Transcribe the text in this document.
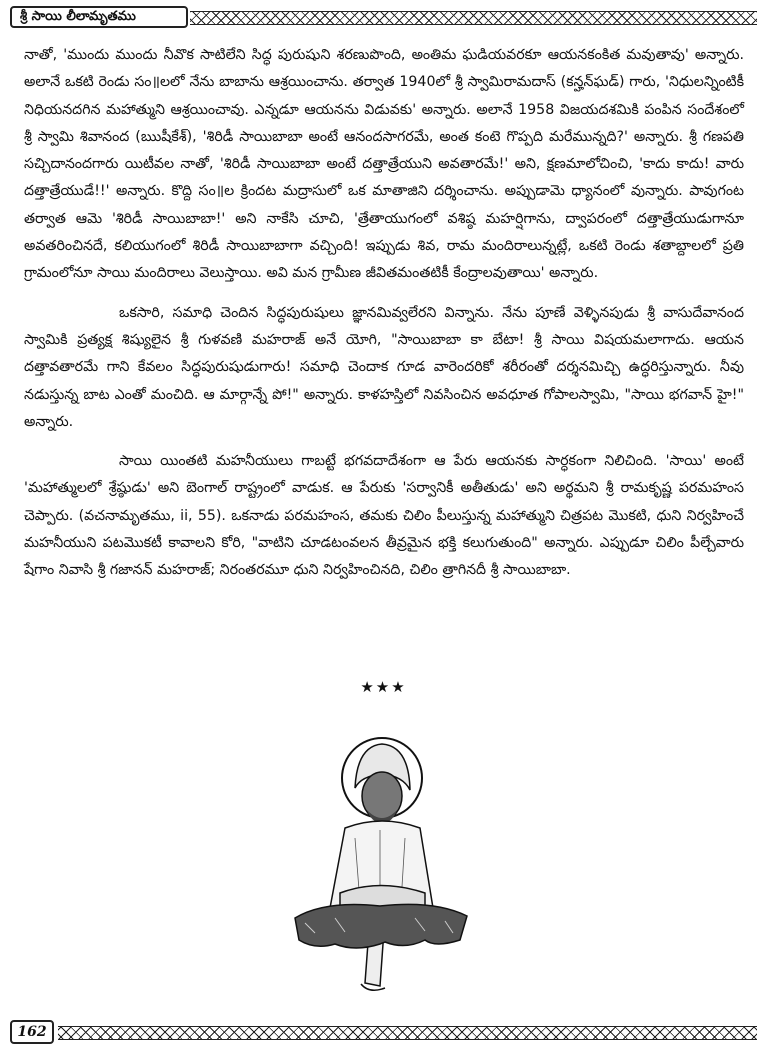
శ్రీ సాయి లీలామృతము

నాతో, 'ముందు ముందు నీవొక సాటిలేని సిద్ధ పురుషుని శరణుపొంది, అంతిమ ఘడియవరకూ ఆయనకంకిత మవుతావు' అన్నారు. అలానే ఒకటి రెండు సం॥లలో నేను బాబాను ఆశ్రయించాను. తర్వాత 1940లో శ్రీ స్వామిరామదాస్ (కన్హన్‌ఘడ్) గారు, 'నిధులన్నింటికీ నిధియనదగిన మహాత్ముని ఆశ్రయించావు. ఎన్నడూ ఆయనను విడువకు' అన్నారు. అలానే 1958 విజయదశమికి పంపిన సందేశంలో శ్రీ స్వామి శివానంద (ఋషీకేశ్), 'శిరిడీ సాయిబాబా అంటే ఆనందసాగరమే, అంత కంటె గొప్పది మరేమున్నది?' అన్నారు. శ్రీ గణపతి సచ్చిదానందగారు యిటీవల నాతో, 'శిరిడీ సాయిబాబా అంటే దత్తాత్రేయుని అవతారమే!' అని, క్షణమాలోచించి, 'కాదు కాదు! వారు దత్తాత్రేయుడే!!' అన్నారు. కొద్ది సం॥ల క్రిందట మద్రాసులో ఒక మాతాజిని దర్శించాను. అప్పుడామె ధ్యానంలో వున్నారు. పావుగంట తర్వాత ఆమె 'శిరిడీ సాయిబాబా!' అని నాకేసి చూచి, 'త్రేతాయుగంలో వశిష్ఠ మహర్షిగాను, ద్వాపరంలో దత్తాత్రేయుడుగానూ అవతరించినదే, కలియుగంలో శిరిడీ సాయిబాబాగా వచ్చింది! ఇప్పుడు శివ, రామ మందిరాలున్నట్లే, ఒకటి రెండు శతాబ్దాలలో ప్రతి గ్రామంలోనూ సాయి మందిరాలు వెలుస్తాయి. అవి మన గ్రామీణ జీవితమంతటికీ కేంద్రాలవుతాయి' అన్నారు.

ఒకసారి, సమాధి చెందిన సిద్ధపురుషులు జ్ఞానమివ్వలేరని విన్నాను. నేను పూణే వెళ్ళినపుడు శ్రీ వాసుదేవానంద స్వామికి ప్రత్యక్ష శిష్యులైన శ్రీ గుళవణి మహరాజ్ అనే యోగి, "సాయిబాబా కా బేటా! శ్రీ సాయి విషయమలాగాదు. ఆయన దత్తావతారమే గాని కేవలం సిద్ధపురుషుడుగారు! సమాధి చెందాక గూడ వారెందరికో శరీరంతో దర్శనమిచ్చి ఉద్ధరిస్తున్నారు. నీవు నడుస్తున్న బాట ఎంతో మంచిది. ఆ మార్గాన్నే పో!" అన్నారు. కాళహస్తిలో నివసించిన అవధూత గోపాలస్వామి, "సాయి భగవాన్ హై!" అన్నారు.

సాయి యింతటి మహనీయులు గాబట్టే భగవదాదేశంగా ఆ పేరు ఆయనకు సార్ధకంగా నిలిచింది. 'సాయి' అంటే 'మహాత్ములలో శ్రేష్ఠుడు' అని బెంగాల్ రాష్ట్రంలో వాడుక. ఆ పేరుకు 'సర్వానికీ అతీతుడు' అని అర్థమని శ్రీ రామకృష్ణ పరమహంస చెప్పారు. (వచనామృతము, ii, 55). ఒకనాడు పరమహంస, తమకు చిలిం పీలుస్తున్న మహాత్ముని చిత్రపట మొకటి, ధుని నిర్వహించే మహనీయుని పటమొకటీ కావాలని కోరి, "వాటిని చూడటంవలన తీవ్రమైన భక్తి కలుగుతుంది" అన్నారు. ఎప్పుడూ చిలిం పీల్చేవారు షేగాం నివాసి శ్రీ గజానన్ మహరాజ్; నిరంతరమూ ధుని నిర్వహించినది, చిలిం త్రాగినదీ శ్రీ సాయిబాబా.

★★★
162
